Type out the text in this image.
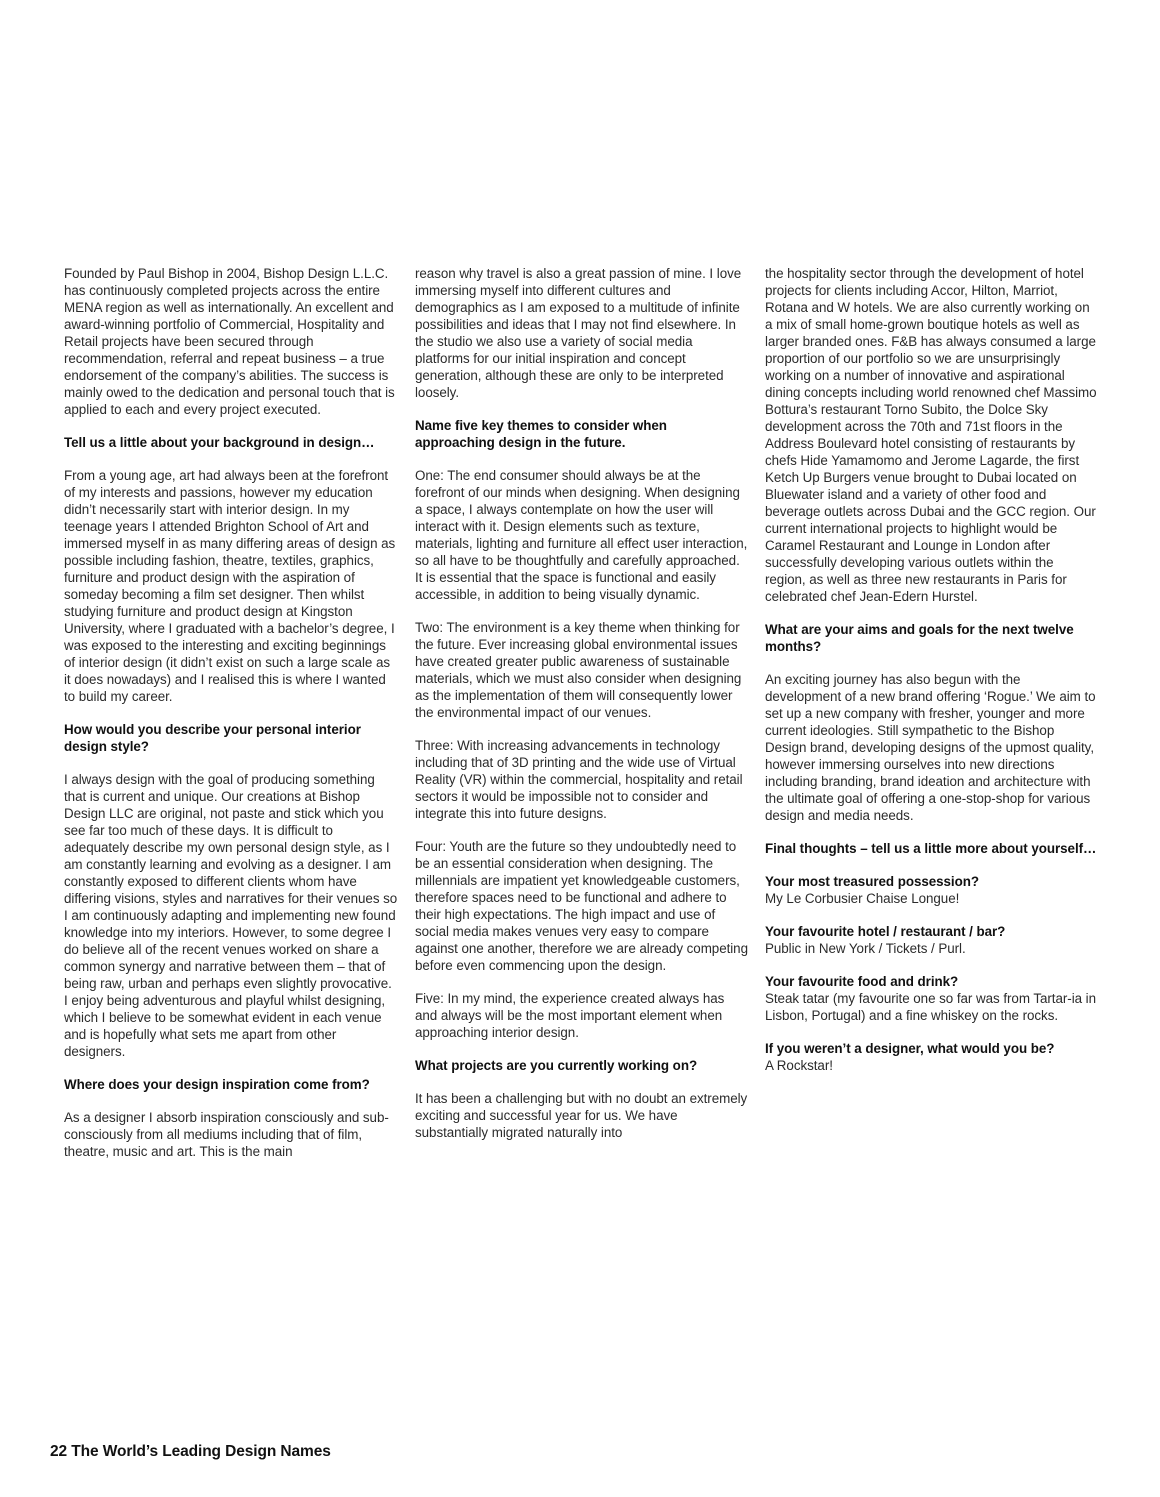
Founded by Paul Bishop in 2004, Bishop Design L.L.C. has continuously completed projects across the entire MENA region as well as internationally. An excellent and award-winning portfolio of Commercial, Hospitality and Retail projects have been secured through recommendation, referral and repeat business – a true endorsement of the company’s abilities. The success is mainly owed to the dedication and personal touch that is applied to each and every project executed.

Tell us a little about your background in design…

From a young age, art had always been at the forefront of my interests and passions, however my education didn’t necessarily start with interior design. In my teenage years I attended Brighton School of Art and immersed myself in as many differing areas of design as possible including fashion, theatre, textiles, graphics, furniture and product design with the aspiration of someday becoming a film set designer. Then whilst studying furniture and product design at Kingston University, where I graduated with a bachelor’s degree, I was exposed to the interesting and exciting beginnings of interior design (it didn’t exist on such a large scale as it does nowadays) and I realised this is where I wanted to build my career.

How would you describe your personal interior design style?

I always design with the goal of producing something that is current and unique. Our creations at Bishop Design LLC are original, not paste and stick which you see far too much of these days. It is difficult to adequately describe my own personal design style, as I am constantly learning and evolving as a designer. I am constantly exposed to different clients whom have differing visions, styles and narratives for their venues so I am continuously adapting and implementing new found knowledge into my interiors. However, to some degree I do believe all of the recent venues worked on share a common synergy and narrative between them – that of being raw, urban and perhaps even slightly provocative. I enjoy being adventurous and playful whilst designing, which I believe to be somewhat evident in each venue and is hopefully what sets me apart from other designers.

Where does your design inspiration come from?

As a designer I absorb inspiration consciously and sub-consciously from all mediums including that of film, theatre, music and art. This is the main

reason why travel is also a great passion of mine. I love immersing myself into different cultures and demographics as I am exposed to a multitude of infinite possibilities and ideas that I may not find elsewhere. In the studio we also use a variety of social media platforms for our initial inspiration and concept generation, although these are only to be interpreted loosely.

Name five key themes to consider when approaching design in the future.

One: The end consumer should always be at the forefront of our minds when designing. When designing a space, I always contemplate on how the user will interact with it. Design elements such as texture, materials, lighting and furniture all effect user interaction, so all have to be thoughtfully and carefully approached. It is essential that the space is functional and easily accessible, in addition to being visually dynamic.

Two: The environment is a key theme when thinking for the future. Ever increasing global environmental issues have created greater public awareness of sustainable materials, which we must also consider when designing as the implementation of them will consequently lower the environmental impact of our venues.

Three: With increasing advancements in technology including that of 3D printing and the wide use of Virtual Reality (VR) within the commercial, hospitality and retail sectors it would be impossible not to consider and integrate this into future designs.

Four: Youth are the future so they undoubtedly need to be an essential consideration when designing. The millennials are impatient yet knowledgeable customers, therefore spaces need to be functional and adhere to their high expectations. The high impact and use of social media makes venues very easy to compare against one another, therefore we are already competing before even commencing upon the design.

Five: In my mind, the experience created always has and always will be the most important element when approaching interior design.

What projects are you currently working on?

It has been a challenging but with no doubt an extremely exciting and successful year for us. We have substantially migrated naturally into

the hospitality sector through the development of hotel projects for clients including Accor, Hilton, Marriot, Rotana and W hotels. We are also currently working on a mix of small home-grown boutique hotels as well as larger branded ones. F&B has always consumed a large proportion of our portfolio so we are unsurprisingly working on a number of innovative and aspirational dining concepts including world renowned chef Massimo Bottura’s restaurant Torno Subito, the Dolce Sky development across the 70th and 71st floors in the Address Boulevard hotel consisting of restaurants by chefs Hide Yamamomo and Jerome Lagarde, the first Ketch Up Burgers venue brought to Dubai located on Bluewater island and a variety of other food and beverage outlets across Dubai and the GCC region. Our current international projects to highlight would be Caramel Restaurant and Lounge in London after successfully developing various outlets within the region, as well as three new restaurants in Paris for celebrated chef Jean-Edern Hurstel.

What are your aims and goals for the next twelve months?

An exciting journey has also begun with the development of a new brand offering ‘Rogue.’ We aim to set up a new company with fresher, younger and more current ideologies. Still sympathetic to the Bishop Design brand, developing designs of the upmost quality, however immersing ourselves into new directions including branding, brand ideation and architecture with the ultimate goal of offering a one-stop-shop for various design and media needs.

Final thoughts – tell us a little more about yourself…

Your most treasured possession?
My Le Corbusier Chaise Longue!
Your favourite hotel / restaurant / bar?
Public in New York / Tickets / Purl.
Your favourite food and drink?
Steak tatar (my favourite one so far was from Tartar-ia in Lisbon, Portugal) and a fine whiskey on the rocks.
If you weren’t a designer, what would you be?
A Rockstar!
22 The World’s Leading Design Names
